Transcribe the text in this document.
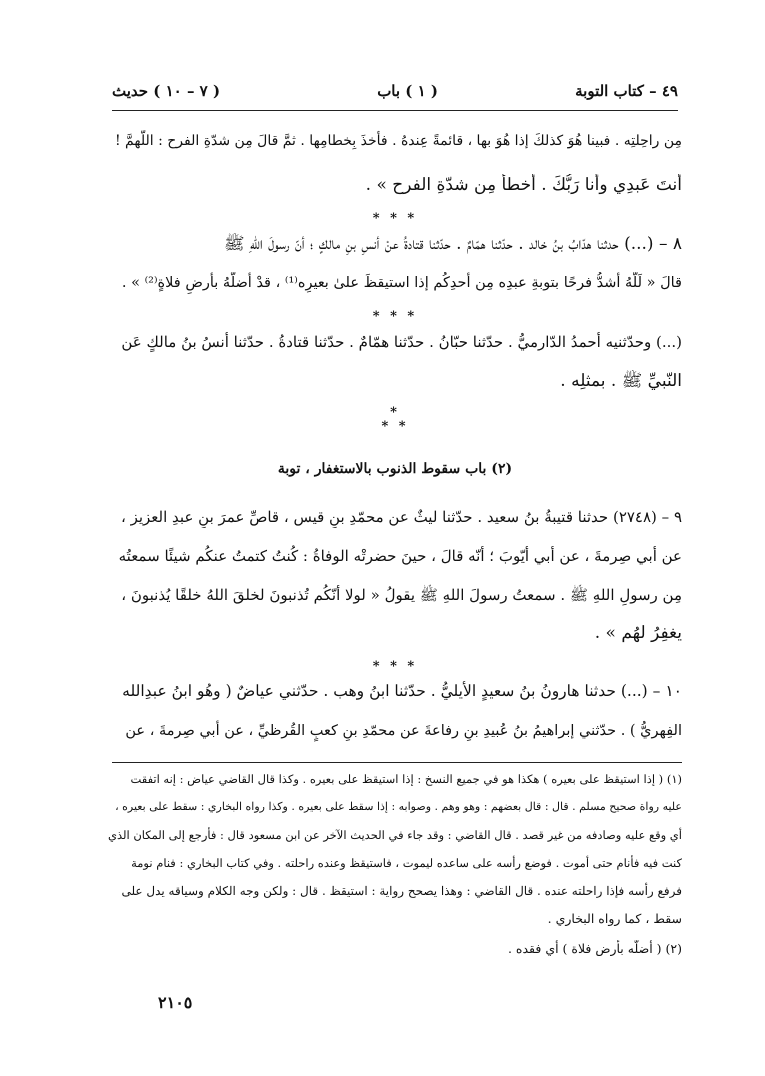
٤٩ – كتاب التوبة
( ١ ) باب
( ٧ – ١٠ ) حديث
مِن راحِلتِه . فبينا هُوَ كذلكَ إذا هُوَ بها ، قائمةً عِندهُ . فأخذَ بِخطامِها . ثمَّ قالَ مِن شدّةِ الفرح : اللّهمَّ !
أنتَ عَبدِي وأنا رَبُّكَ . أخطأ مِن شدّةِ الفرح » .
* * *
٨ – (...) حدثنا هدّابُ بنُ خالد . حدّثنا همّامٌ . حدّثنا قتادةُ عنْ أنسِ بنِ مالكٍ ؛ أنّ رسولَ اللهِ ﷺ
قالَ « لَلّهُ أشدُّ فرحًا بتوبةِ عبدِه مِن أحدِكُم إذا استيقظَ علىٰ بعيرِه⁽¹⁾ ، قدْ أضلَّهُ بأرضِ فلاةٍ⁽²⁾ » .
* * *
(...) وحدّثنيه أحمدُ الدّارميُّ . حدّثنا حبّانُ . حدّثنا همّامٌ . حدّثنا قتادةُ . حدّثنا أنسُ بنُ مالكٍ عَن
النّبيِّ ﷺ . بمثلِه .
*
* *
(٢) باب سقوط الذنوب بالاستغفار ، توبة
٩ – (٢٧٤٨) حدثنا قتيبةُ بنُ سعيد . حدّثنا ليثٌ عن محمّدِ بنِ قيس ، قاصِّ عمرَ بنِ عبدِ العزيز ،
عن أبي صِرمةَ ، عن أبي أيّوبَ ؛ أنّه قالَ ، حينَ حضرتْه الوفاةُ : كُنتُ كتمتُ عنكُم شيئًا سمعتُه
مِن رسولِ اللهِ ﷺ . سمعتُ رسولَ اللهِ ﷺ يقولُ « لولا أنّكُم تُذنبونَ لخلقَ اللهُ خلقًا يُذنبونَ ،
يغفِرُ لهُم » .
* * *
١٠ – (...) حدثنا هارونُ بنُ سعيدٍ الأيليُّ . حدّثنا ابنُ وهب . حدّثني عياضٌ ( وهُو ابنُ عبدِالله
الفِهريُّ ) . حدّثني إبراهيمُ بنُ عُبيدِ بنِ رفاعةَ عن محمّدِ بنِ كعبٍ القُرظيِّ ، عن أبي صِرمةَ ، عن
(١) ( إذا استيقظ على بعيره ) هكذا هو في جميع النسخ : إذا استيقظ على بعيره . وكذا قال القاضي عياض : إنه اتفقت
عليه رواة صحيح مسلم . قال : قال بعضهم : وهو وهم . وصوابه : إذا سقط على بعيره . وكذا رواه البخاري : سقط على بعيره ،
أي وقع عليه وصادفه من غير قصد . قال القاضي : وقد جاء في الحديث الآخر عن ابن مسعود قال : فأرجع إلى المكان الذي
كنت فيه فأنام حتى أموت . فوضع رأسه على ساعده ليموت ، فاستيقظ وعنده راحلته . وفي كتاب البخاري : فنام نومة
فرفع رأسه فإذا راحلته عنده . قال القاضي : وهذا يصحح رواية : استيقظ . قال : ولكن وجه الكلام وسياقه يدل على
سقط ، كما رواه البخاري .
(٢) ( أضلّه بأرض فلاة ) أي فقده .
٢١٠٥
